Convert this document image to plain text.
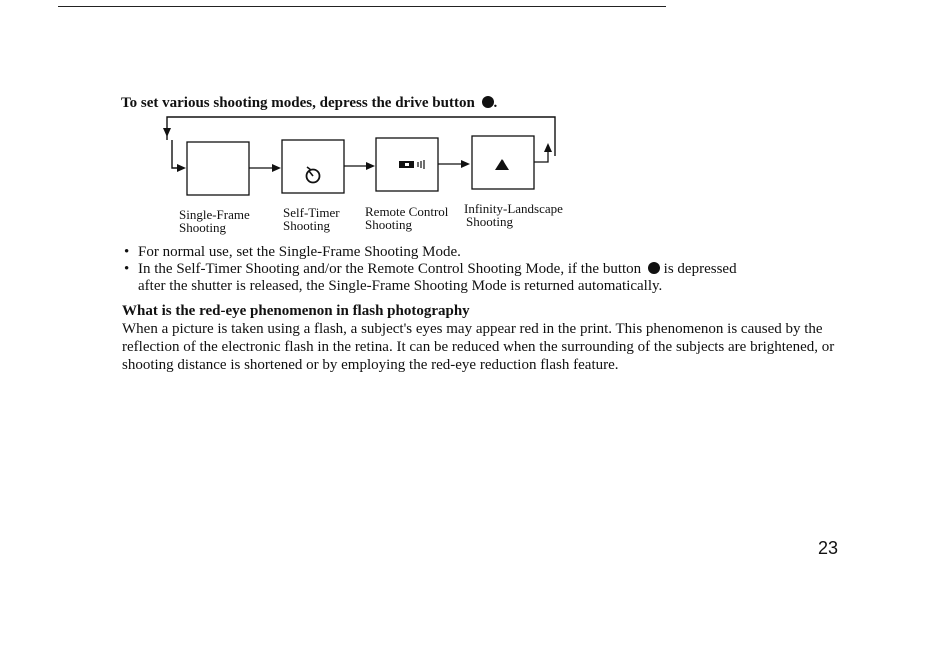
To set various shooting modes, depress the drive button .
Single-Frame
Shooting
Self-Timer
Shooting
Remote Control
Shooting
Infinity-Landscape
Shooting
• For normal use, set the Single-Frame Shooting Mode.
• In the Self-Timer Shooting and/or the Remote Control Shooting Mode, if the button is depressed
after the shutter is released, the Single-Frame Shooting Mode is returned automatically.
What is the red-eye phenomenon in flash photography
When a picture is taken using a flash, a subject's eyes may appear red in the print. This phenomenon is caused by the reflection of the electronic flash in the retina. It can be reduced when the surrounding of the subjects are brightened, or shooting distance is shortened or by employing the red-eye reduction flash feature.
23
